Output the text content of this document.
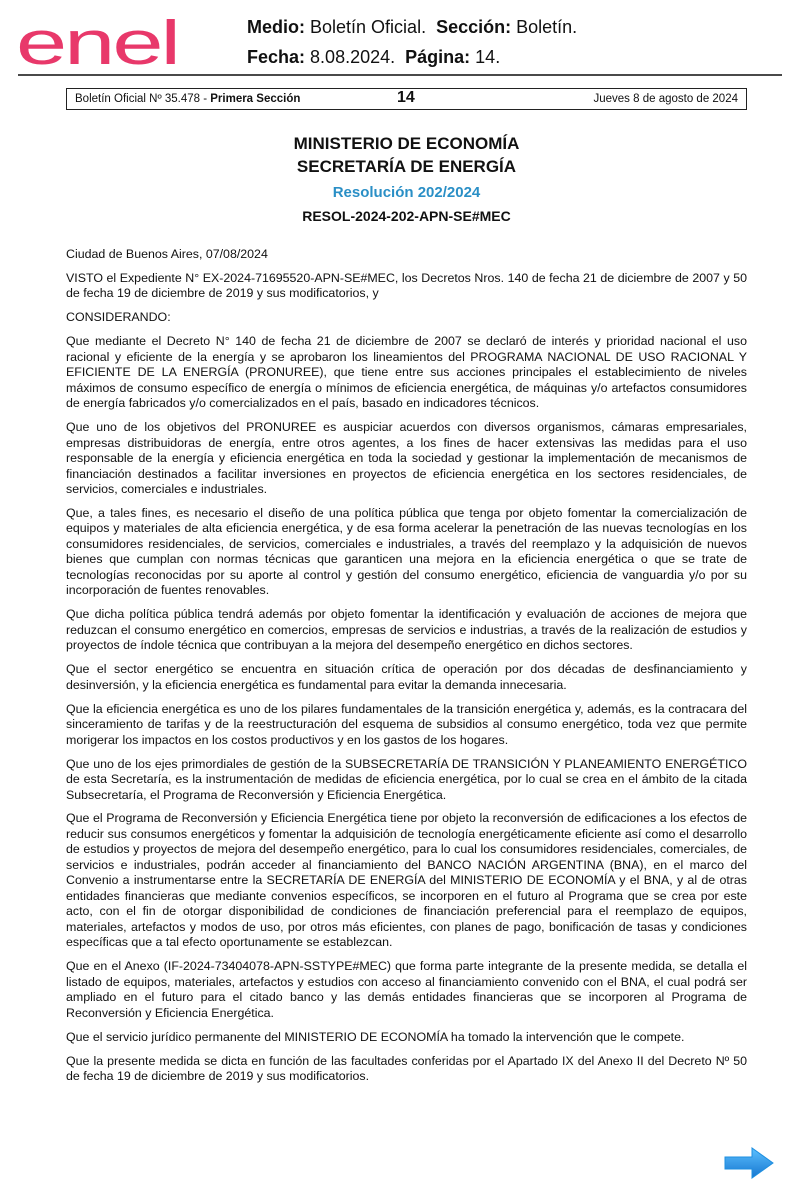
enel	Medio: Boletín Oficial. Sección: Boletín.
Fecha: 8.08.2024. Página: 14.
Boletín Oficial Nº 35.478 - Primera Sección	14	Jueves 8 de agosto de 2024
MINISTERIO DE ECONOMÍA
SECRETARÍA DE ENERGÍA
Resolución 202/2024
RESOL-2024-202-APN-SE#MEC

Ciudad de Buenos Aires, 07/08/2024

VISTO el Expediente N° EX-2024-71695520-APN-SE#MEC, los Decretos Nros. 140 de fecha 21 de diciembre de 2007 y 50 de fecha 19 de diciembre de 2019 y sus modificatorios, y

CONSIDERANDO:

Que mediante el Decreto N° 140 de fecha 21 de diciembre de 2007 se declaró de interés y prioridad nacional el uso racional y eficiente de la energía y se aprobaron los lineamientos del PROGRAMA NACIONAL DE USO RACIONAL Y EFICIENTE DE LA ENERGÍA (PRONUREE), que tiene entre sus acciones principales el establecimiento de niveles máximos de consumo específico de energía o mínimos de eficiencia energética, de máquinas y/o artefactos consumidores de energía fabricados y/o comercializados en el país, basado en indicadores técnicos.

Que uno de los objetivos del PRONUREE es auspiciar acuerdos con diversos organismos, cámaras empresariales, empresas distribuidoras de energía, entre otros agentes, a los fines de hacer extensivas las medidas para el uso responsable de la energía y eficiencia energética en toda la sociedad y gestionar la implementación de mecanismos de financiación destinados a facilitar inversiones en proyectos de eficiencia energética en los sectores residenciales, de servicios, comerciales e industriales.

Que, a tales fines, es necesario el diseño de una política pública que tenga por objeto fomentar la comercialización de equipos y materiales de alta eficiencia energética, y de esa forma acelerar la penetración de las nuevas tecnologías en los consumidores residenciales, de servicios, comerciales e industriales, a través del reemplazo y la adquisición de nuevos bienes que cumplan con normas técnicas que garanticen una mejora en la eficiencia energética o que se trate de tecnologías reconocidas por su aporte al control y gestión del consumo energético, eficiencia de vanguardia y/o por su incorporación de fuentes renovables.

Que dicha política pública tendrá además por objeto fomentar la identificación y evaluación de acciones de mejora que reduzcan el consumo energético en comercios, empresas de servicios e industrias, a través de la realización de estudios y proyectos de índole técnica que contribuyan a la mejora del desempeño energético en dichos sectores.

Que el sector energético se encuentra en situación crítica de operación por dos décadas de desfinanciamiento y desinversión, y la eficiencia energética es fundamental para evitar la demanda innecesaria.

Que la eficiencia energética es uno de los pilares fundamentales de la transición energética y, además, es la contracara del sinceramiento de tarifas y de la reestructuración del esquema de subsidios al consumo energético, toda vez que permite morigerar los impactos en los costos productivos y en los gastos de los hogares.

Que uno de los ejes primordiales de gestión de la SUBSECRETARÍA DE TRANSICIÓN Y PLANEAMIENTO ENERGÉTICO de esta Secretaría, es la instrumentación de medidas de eficiencia energética, por lo cual se crea en el ámbito de la citada Subsecretaría, el Programa de Reconversión y Eficiencia Energética.

Que el Programa de Reconversión y Eficiencia Energética tiene por objeto la reconversión de edificaciones a los efectos de reducir sus consumos energéticos y fomentar la adquisición de tecnología energéticamente eficiente así como el desarrollo de estudios y proyectos de mejora del desempeño energético, para lo cual los consumidores residenciales, comerciales, de servicios e industriales, podrán acceder al financiamiento del BANCO NACIÓN ARGENTINA (BNA), en el marco del Convenio a instrumentarse entre la SECRETARÍA DE ENERGÍA del MINISTERIO DE ECONOMÍA y el BNA, y al de otras entidades financieras que mediante convenios específicos, se incorporen en el futuro al Programa que se crea por este acto, con el fin de otorgar disponibilidad de condiciones de financiación preferencial para el reemplazo de equipos, materiales, artefactos y modos de uso, por otros más eficientes, con planes de pago, bonificación de tasas y condiciones específicas que a tal efecto oportunamente se establezcan.

Que en el Anexo (IF-2024-73404078-APN-SSTYPE#MEC) que forma parte integrante de la presente medida, se detalla el listado de equipos, materiales, artefactos y estudios con acceso al financiamiento convenido con el BNA, el cual podrá ser ampliado en el futuro para el citado banco y las demás entidades financieras que se incorporen al Programa de Reconversión y Eficiencia Energética.

Que el servicio jurídico permanente del MINISTERIO DE ECONOMÍA ha tomado la intervención que le compete.

Que la presente medida se dicta en función de las facultades conferidas por el Apartado IX del Anexo II del Decreto Nº 50 de fecha 19 de diciembre de 2019 y sus modificatorios.
